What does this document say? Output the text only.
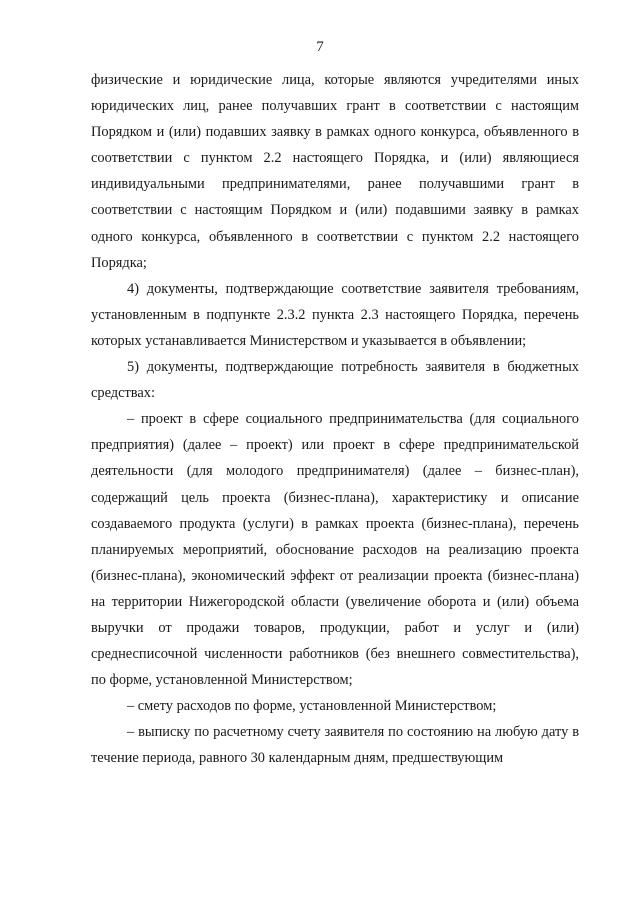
7

физические и юридические лица, которые являются учредителями иных юридических лиц, ранее получавших грант в соответствии с настоящим Порядком и (или) подавших заявку в рамках одного конкурса, объявленного в соответствии с пунктом 2.2 настоящего Порядка, и (или) являющиеся индивидуальными предпринимателями, ранее получавшими грант в соответствии с настоящим Порядком и (или) подавшими заявку в рамках одного конкурса, объявленного в соответствии с пунктом 2.2 настоящего Порядка;

4) документы, подтверждающие соответствие заявителя требованиям, установленным в подпункте 2.3.2 пункта 2.3 настоящего Порядка, перечень которых устанавливается Министерством и указывается в объявлении;

5) документы, подтверждающие потребность заявителя в бюджетных средствах:

– проект в сфере социального предпринимательства (для социального предприятия) (далее – проект) или проект в сфере предпринимательской деятельности (для молодого предпринимателя) (далее – бизнес-план), содержащий цель проекта (бизнес-плана), характеристику и описание создаваемого продукта (услуги) в рамках проекта (бизнес-плана), перечень планируемых мероприятий, обоснование расходов на реализацию проекта (бизнес-плана), экономический эффект от реализации проекта (бизнес-плана) на территории Нижегородской области (увеличение оборота и (или) объема выручки от продажи товаров, продукции, работ и услуг и (или) среднесписочной численности работников (без внешнего совместительства), по форме, установленной Министерством;

– смету расходов по форме, установленной Министерством;

– выписку по расчетному счету заявителя по состоянию на любую дату в течение периода, равного 30 календарным дням, предшествующим
